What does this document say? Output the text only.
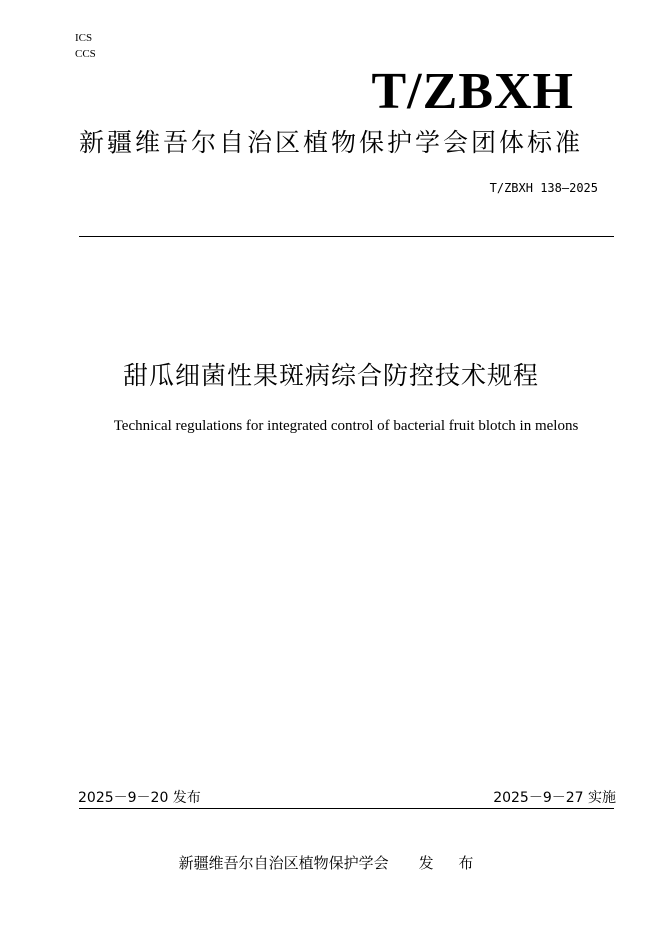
ICS
CCS
T/ZBXH
新疆维吾尔自治区植物保护学会团体标准
T/ZBXH 138—2025
甜瓜细菌性果斑病综合防控技术规程
Technical regulations for integrated control of bacterial fruit blotch in melons
2025－9－20 发布	2025－9－27 实施
新疆维吾尔自治区植物保护学会 发 布
